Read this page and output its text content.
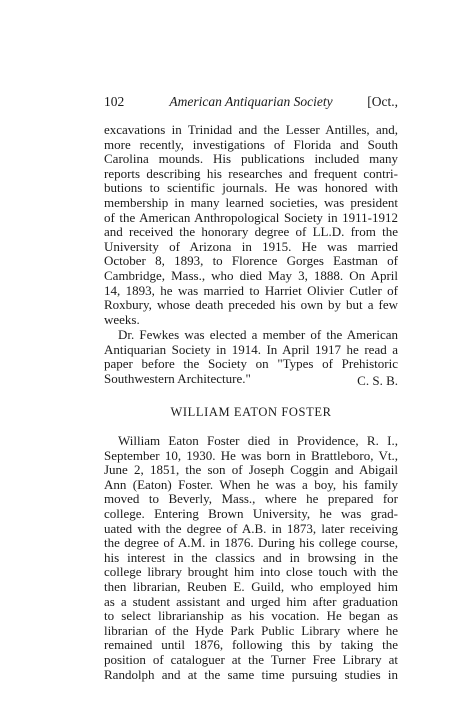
102	American Antiquarian Society	[Oct.,
excavations in Trinidad and the Lesser Antilles, and,
more recently, investigations of Florida and South
Carolina mounds. His publications included many
reports describing his researches and frequent contri-
butions to scientific journals. He was honored with
membership in many learned societies, was president
of the American Anthropological Society in 1911-1912
and received the honorary degree of LL.D. from the
University of Arizona in 1915. He was married
October 8, 1893, to Florence Gorges Eastman of
Cambridge, Mass., who died May 3, 1888. On April
14, 1893, he was married to Harriet Olivier Cutler of
Roxbury, whose death preceded his own by but a few
weeks.
Dr. Fewkes was elected a member of the American
Antiquarian Society in 1914. In April 1917 he read a
paper before the Society on "Types of Prehistoric
Southwestern Architecture."	C. S. B.
WILLIAM EATON FOSTER
William Eaton Foster died in Providence, R. I.,
September 10, 1930. He was born in Brattleboro, Vt.,
June 2, 1851, the son of Joseph Coggin and Abigail
Ann (Eaton) Foster. When he was a boy, his family
moved to Beverly, Mass., where he prepared for
college. Entering Brown University, he was grad-
uated with the degree of A.B. in 1873, later receiving
the degree of A.M. in 1876. During his college course,
his interest in the classics and in browsing in the
college library brought him into close touch with the
then librarian, Reuben E. Guild, who employed him
as a student assistant and urged him after graduation
to select librarianship as his vocation. He began as
librarian of the Hyde Park Public Library where he
remained until 1876, following this by taking the
position of cataloguer at the Turner Free Library at
Randolph and at the same time pursuing studies in
